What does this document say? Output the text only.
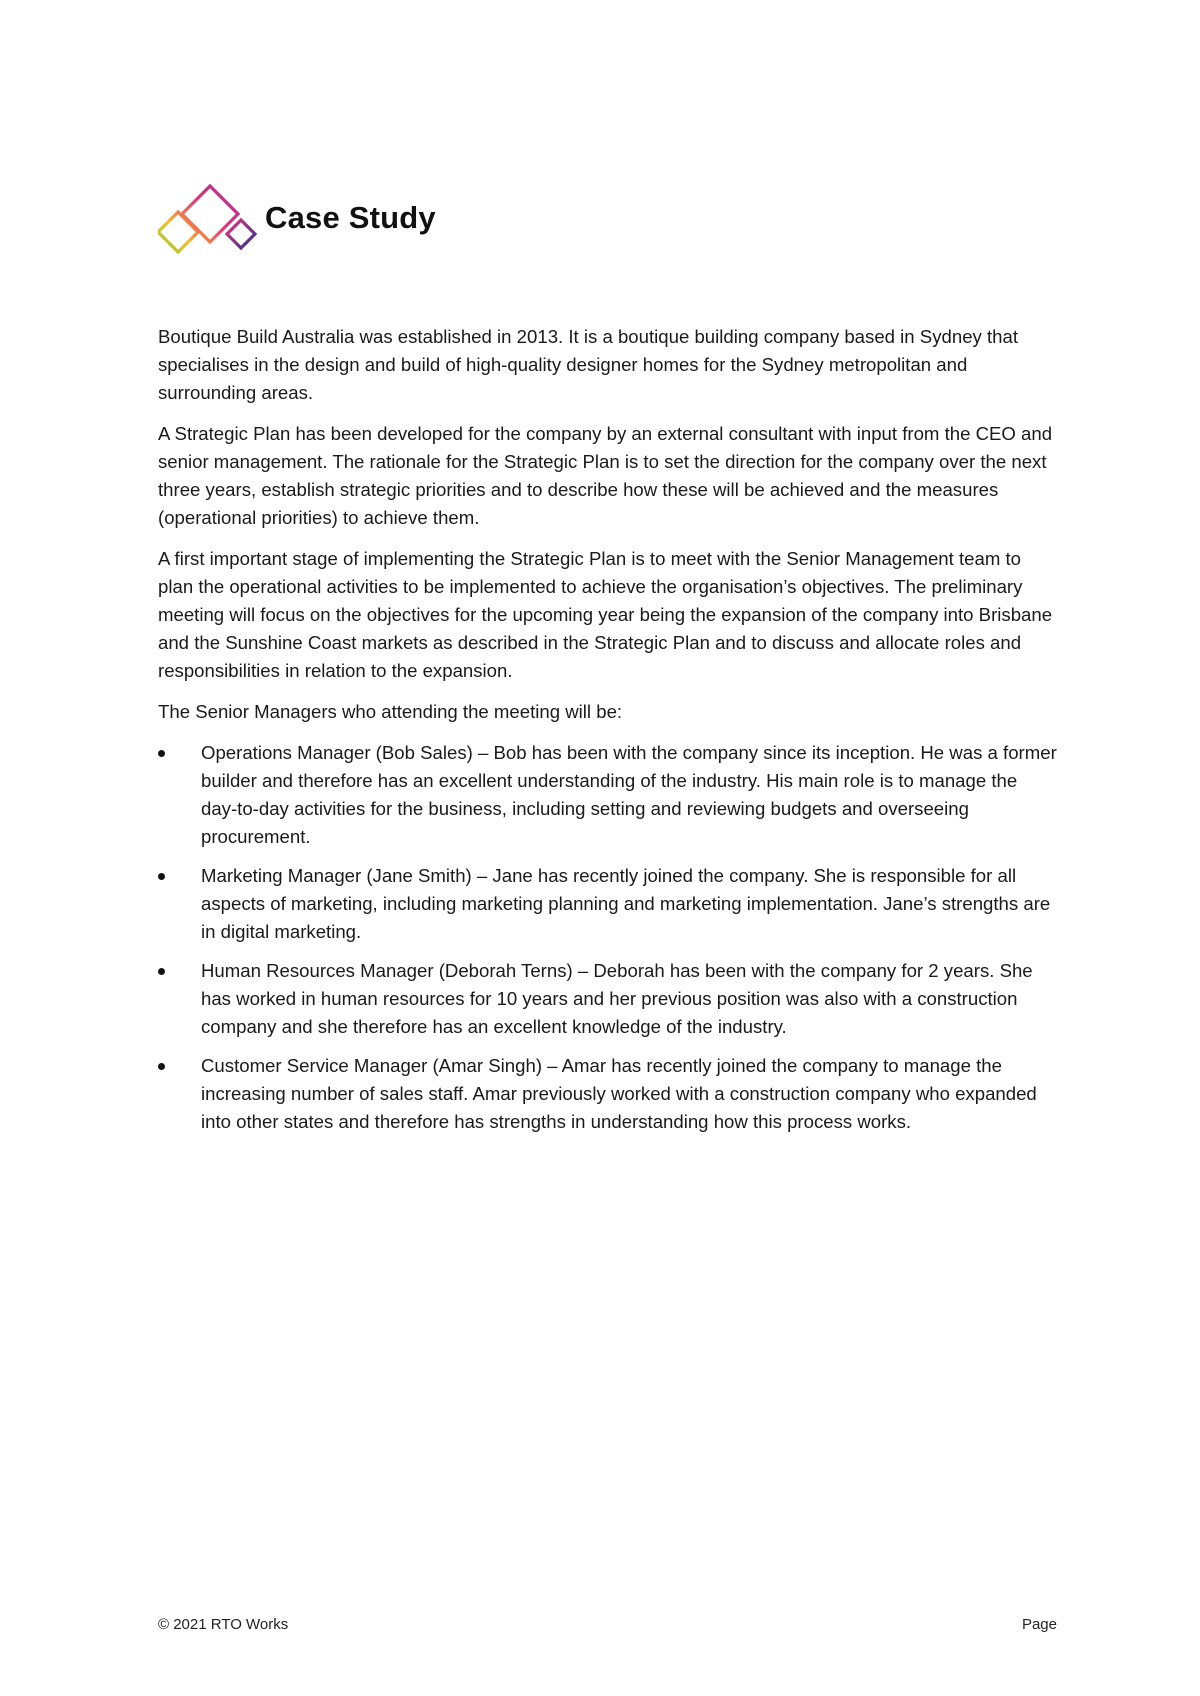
Case Study

Boutique Build Australia was established in 2013. It is a boutique building company based in Sydney that specialises in the design and build of high-quality designer homes for the Sydney metropolitan and surrounding areas.

A Strategic Plan has been developed for the company by an external consultant with input from the CEO and senior management. The rationale for the Strategic Plan is to set the direction for the company over the next three years, establish strategic priorities and to describe how these will be achieved and the measures (operational priorities) to achieve them.

A first important stage of implementing the Strategic Plan is to meet with the Senior Management team to plan the operational activities to be implemented to achieve the organisation’s objectives. The preliminary meeting will focus on the objectives for the upcoming year being the expansion of the company into Brisbane and the Sunshine Coast markets as described in the Strategic Plan and to discuss and allocate roles and responsibilities in relation to the expansion.

The Senior Managers who attending the meeting will be:

Operations Manager (Bob Sales) – Bob has been with the company since its inception. He was a former builder and therefore has an excellent understanding of the industry. His main role is to manage the day-to-day activities for the business, including setting and reviewing budgets and overseeing procurement.
Marketing Manager (Jane Smith) – Jane has recently joined the company. She is responsible for all aspects of marketing, including marketing planning and marketing implementation. Jane’s strengths are in digital marketing.
Human Resources Manager (Deborah Terns) – Deborah has been with the company for 2 years. She has worked in human resources for 10 years and her previous position was also with a construction company and she therefore has an excellent knowledge of the industry.
Customer Service Manager (Amar Singh) – Amar has recently joined the company to manage the increasing number of sales staff. Amar previously worked with a construction company who expanded into other states and therefore has strengths in understanding how this process works.
© 2021 RTO Works	Page
